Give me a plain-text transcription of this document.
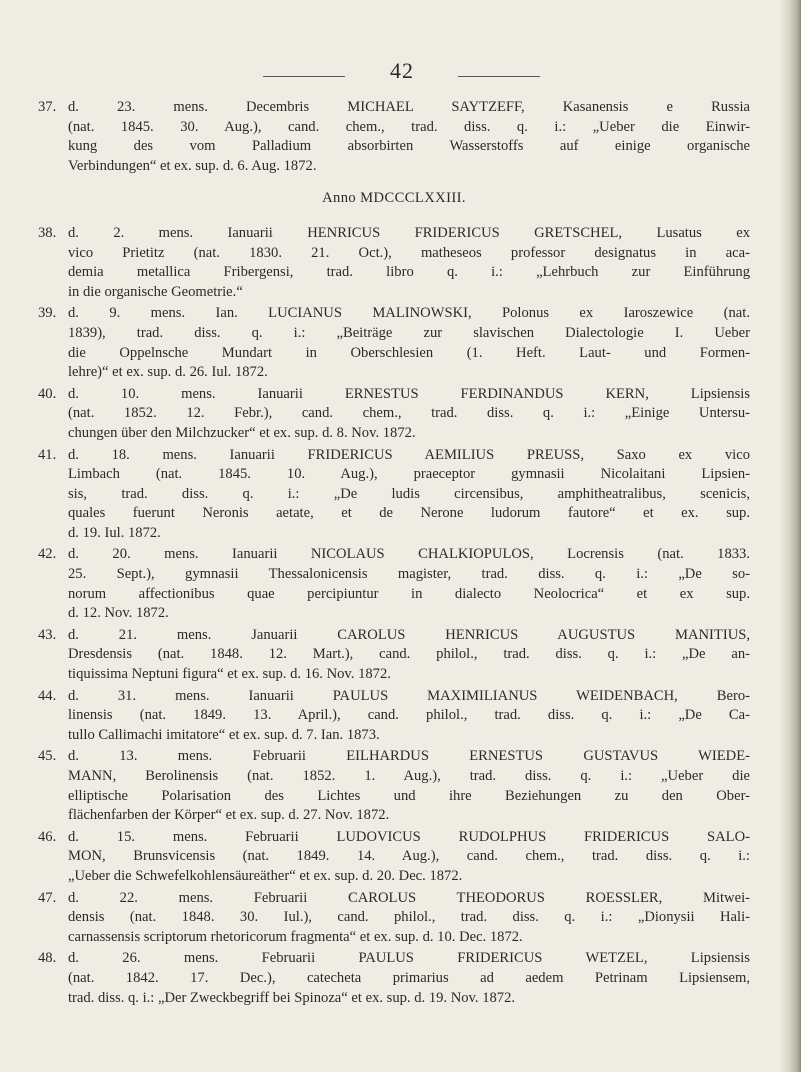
42
37. d. 23. mens. Decembris MICHAEL SAYTZEFF, Kasanensis e Russia
(nat. 1845. 30. Aug.), cand. chem., trad. diss. q. i.: „Ueber die Einwir-
kung des vom Palladium absorbirten Wasserstoffs auf einige organische
Verbindungen“ et ex. sup. d. 6. Aug. 1872.
Anno MDCCCLXXIII.
38. d. 2. mens. Ianuarii HENRICUS FRIDERICUS GRETSCHEL, Lusatus ex
vico Prietitz (nat. 1830. 21. Oct.), matheseos professor designatus in aca-
demia metallica Fribergensi, trad. libro q. i.: „Lehrbuch zur Einführung
in die organische Geometrie.“
39. d. 9. mens. Ian. LUCIANUS MALINOWSKI, Polonus ex Iaroszewice (nat.
1839), trad. diss. q. i.: „Beiträge zur slavischen Dialectologie I. Ueber
die Oppelnsche Mundart in Oberschlesien (1. Heft. Laut- und Formen-
lehre)“ et ex. sup. d. 26. Iul. 1872.
40. d. 10. mens. Ianuarii ERNESTUS FERDINANDUS KERN, Lipsiensis
(nat. 1852. 12. Febr.), cand. chem., trad. diss. q. i.: „Einige Untersu-
chungen über den Milchzucker“ et ex. sup. d. 8. Nov. 1872.
41. d. 18. mens. Ianuarii FRIDERICUS AEMILIUS PREUSS, Saxo ex vico
Limbach (nat. 1845. 10. Aug.), praeceptor gymnasii Nicolaitani Lipsien-
sis, trad. diss. q. i.: „De ludis circensibus, amphitheatralibus, scenicis,
quales fuerunt Neronis aetate, et de Nerone ludorum fautore“ et ex. sup.
d. 19. Iul. 1872.
42. d. 20. mens. Ianuarii NICOLAUS CHALKIOPULOS, Locrensis (nat. 1833.
25. Sept.), gymnasii Thessalonicensis magister, trad. diss. q. i.: „De so-
norum affectionibus quae percipiuntur in dialecto Neolocrica“ et ex sup.
d. 12. Nov. 1872.
43. d. 21. mens. Januarii CAROLUS HENRICUS AUGUSTUS MANITIUS,
Dresdensis (nat. 1848. 12. Mart.), cand. philol., trad. diss. q. i.: „De an-
tiquissima Neptuni figura“ et ex. sup. d. 16. Nov. 1872.
44. d. 31. mens. Ianuarii PAULUS MAXIMILIANUS WEIDENBACH, Bero-
linensis (nat. 1849. 13. April.), cand. philol., trad. diss. q. i.: „De Ca-
tullo Callimachi imitatore“ et ex. sup. d. 7. Ian. 1873.
45. d. 13. mens. Februarii EILHARDUS ERNESTUS GUSTAVUS WIEDE-
MANN, Berolinensis (nat. 1852. 1. Aug.), trad. diss. q. i.: „Ueber die
elliptische Polarisation des Lichtes und ihre Beziehungen zu den Ober-
flächenfarben der Körper“ et ex. sup. d. 27. Nov. 1872.
46. d. 15. mens. Februarii LUDOVICUS RUDOLPHUS FRIDERICUS SALO-
MON, Brunsvicensis (nat. 1849. 14. Aug.), cand. chem., trad. diss. q. i.:
„Ueber die Schwefelkohlensäureäther“ et ex. sup. d. 20. Dec. 1872.
47. d. 22. mens. Februarii CAROLUS THEODORUS ROESSLER, Mitwei-
densis (nat. 1848. 30. Iul.), cand. philol., trad. diss. q. i.: „Dionysii Hali-
carnassensis scriptorum rhetoricorum fragmenta“ et ex. sup. d. 10. Dec. 1872.
48. d. 26. mens. Februarii PAULUS FRIDERICUS WETZEL, Lipsiensis
(nat. 1842. 17. Dec.), catecheta primarius ad aedem Petrinam Lipsiensem,
trad. diss. q. i.: „Der Zweckbegriff bei Spinoza“ et ex. sup. d. 19. Nov. 1872.
